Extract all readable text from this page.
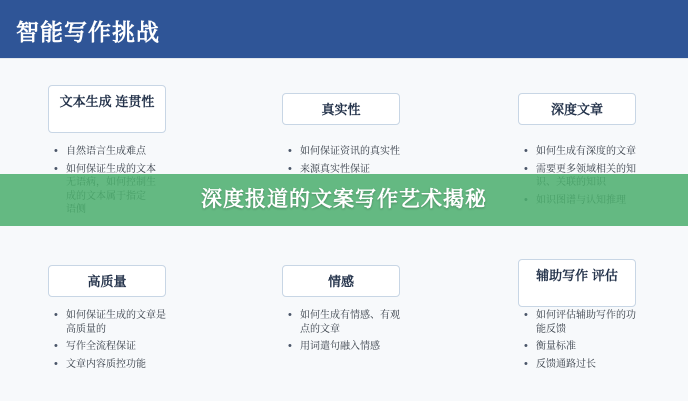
智能写作挑战
文本生成 连贯性
• 自然语言生成难点
• 如何保证生成的文本
高质量
• 如何保证生成的文章是
高质量的
• 写作全流程保证
• 文章内容质控功能
真实性
• 如何保证资讯的真实性
• 来源真实性保证
情感
• 如何生成有情感、有观
点的文章
• 用词遣句融入情感
深度文章
• 如何生成有深度的文章
• 需要更多领域相关的知
•
辅助写作 评估
• 如何评估辅助写作的功
能反馈
• 衡量标准
• 反馈通路过长
深度报道的文案写作艺术揭秘
